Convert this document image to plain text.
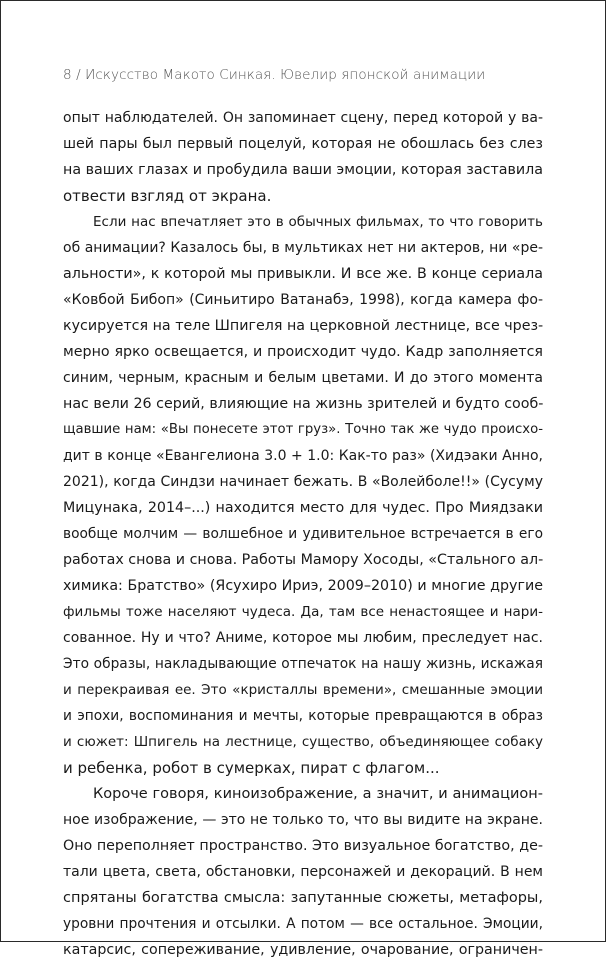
8 / Искусство Макото Синкая. Ювелир японской анимации
опыт наблюдателей. Он запоминает сцену, перед которой у ва-
шей пары был первый поцелуй, которая не обошлась без слез
на ваших глазах и пробудила ваши эмоции, которая заставила
отвести взгляд от экрана.
Если нас впечатляет это в обычных фильмах, то что говорить
об анимации? Казалось бы, в мультиках нет ни актеров, ни «ре-
альности», к которой мы привыкли. И все же. В конце сериала
«Ковбой Бибоп» (Синьитиро Ватанабэ, 1998), когда камера фо-
кусируется на теле Шпигеля на церковной лестнице, все чрез-
мерно ярко освещается, и происходит чудо. Кадр заполняется
синим, черным, красным и белым цветами. И до этого момента
нас вели 26 серий, влияющие на жизнь зрителей и будто сооб-
щавшие нам: «Вы понесете этот груз». Точно так же чудо происхо-
дит в конце «Евангелиона 3.0 + 1.0: Как-то раз» (Хидэаки Анно,
2021), когда Синдзи начинает бежать. В «Волейболе!!» (Сусуму
Мицунака, 2014–...) находится место для чудес. Про Миядзаки
вообще молчим — волшебное и удивительное встречается в его
работах снова и снова. Работы Мамору Хосоды, «Стального ал-
химика: Братство» (Ясухиро Ириэ, 2009–2010) и многие другие
фильмы тоже населяют чудеса. Да, там все ненастоящее и нари-
сованное. Ну и что? Аниме, которое мы любим, преследует нас.
Это образы, накладывающие отпечаток на нашу жизнь, искажая
и перекраивая ее. Это «кристаллы времени», смешанные эмоции
и эпохи, воспоминания и мечты, которые превращаются в образ
и сюжет: Шпигель на лестнице, существо, объединяющее собаку
и ребенка, робот в сумерках, пират с флагом...
Короче говоря, киноизображение, а значит, и анимацион-
ное изображение, — это не только то, что вы видите на экране.
Оно переполняет пространство. Это визуальное богатство, де-
тали цвета, света, обстановки, персонажей и декораций. В нем
спрятаны богатства смысла: запутанные сюжеты, метафоры,
уровни прочтения и отсылки. А потом — все остальное. Эмоции,
катарсис, сопереживание, удивление, очарование, ограничен-
